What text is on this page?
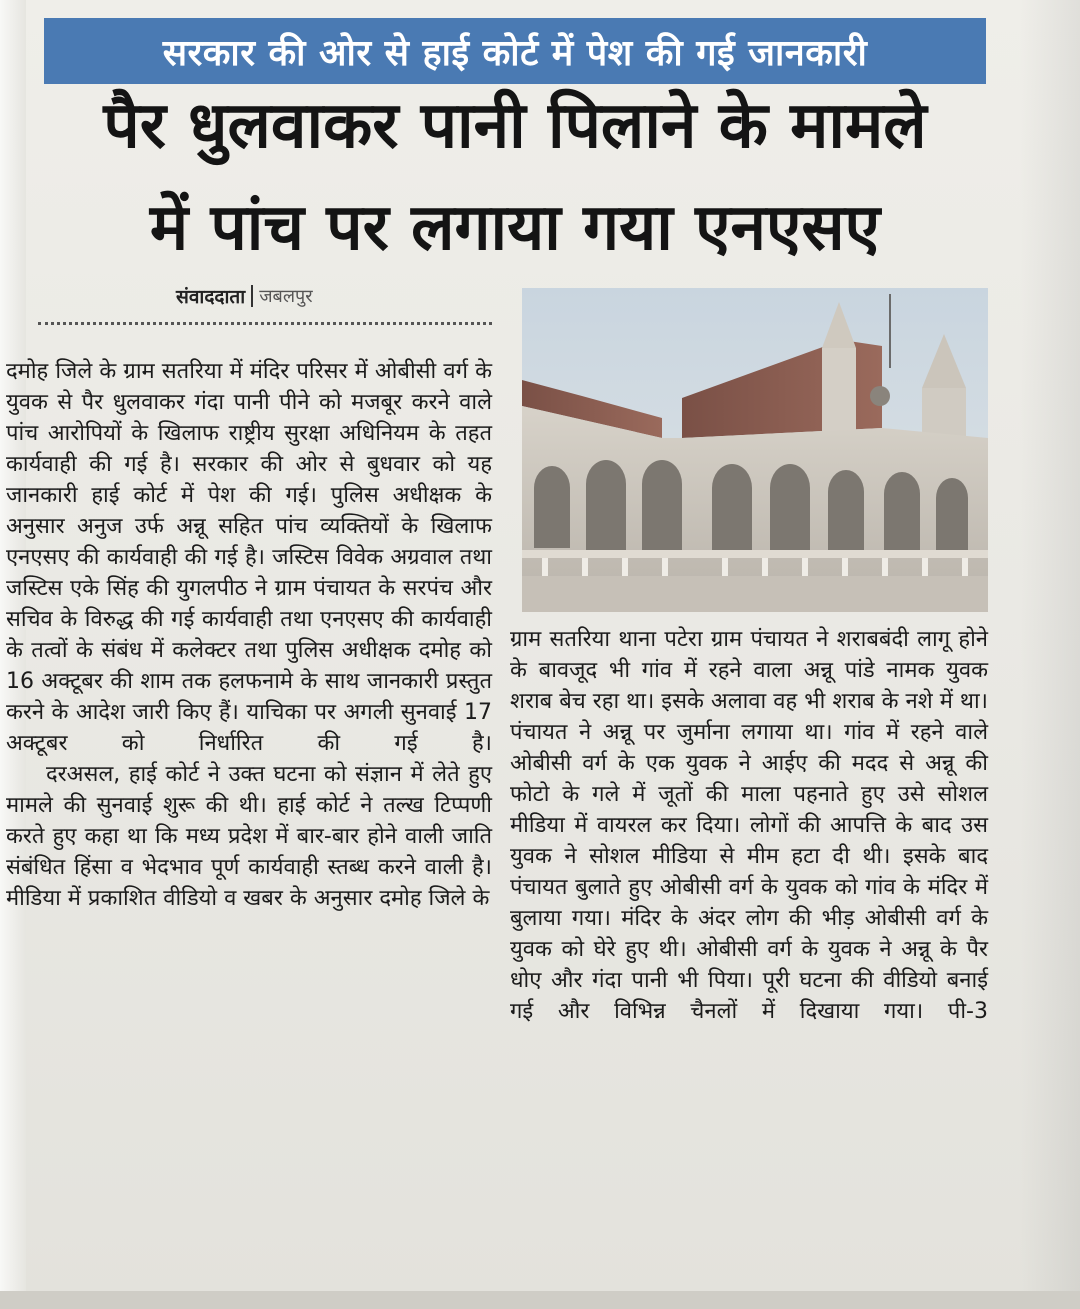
सरकार की ओर से हाई कोर्ट में पेश की गई जानकारी
पैर धुलवाकर पानी पिलाने के मामले
में पांच पर लगाया गया एनएसए
संवाददाता जबलपुर

दमोह जिले के ग्राम सतरिया में मंदिर परिसर में ओबीसी वर्ग के युवक से पैर धुलवाकर गंदा पानी पीने को मजबूर करने वाले पांच आरोपियों के खिलाफ राष्ट्रीय सुरक्षा अधिनियम के तहत कार्यवाही की गई है। सरकार की ओर से बुधवार को यह जानकारी हाई कोर्ट में पेश की गई। पुलिस अधीक्षक के अनुसार अनुज उर्फ अन्नू सहित पांच व्यक्तियों के खिलाफ एनएसए की कार्यवाही की गई है। जस्टिस विवेक अग्रवाल तथा जस्टिस एके सिंह की युगलपीठ ने ग्राम पंचायत के सरपंच और सचिव के विरुद्ध की गई कार्यवाही तथा एनएसए की कार्यवाही के तत्वों के संबंध में कलेक्टर तथा पुलिस अधीक्षक दमोह को 16 अक्टूबर की शाम तक हलफनामे के साथ जानकारी प्रस्तुत करने के आदेश जारी किए हैं। याचिका पर अगली सुनवाई 17 अक्टूबर को निर्धारित की गई है।

दरअसल, हाई कोर्ट ने उक्त घटना को संज्ञान में लेते हुए मामले की सुनवाई शुरू की थी। हाई कोर्ट ने तल्ख टिप्पणी करते हुए कहा था कि मध्य प्रदेश में बार-बार होने वाली जाति संबंधित हिंसा व भेदभाव पूर्ण कार्यवाही स्तब्ध करने वाली है। मीडिया में प्रकाशित वीडियो व खबर के अनुसार दमोह जिले के

ग्राम सतरिया थाना पटेरा ग्राम पंचायत ने शराबबंदी लागू होने के बावजूद भी गांव में रहने वाला अन्नू पांडे नामक युवक शराब बेच रहा था। इसके अलावा वह भी शराब के नशे में था। पंचायत ने अन्नू पर जुर्माना लगाया था। गांव में रहने वाले ओबीसी वर्ग के एक युवक ने आईए की मदद से अन्नू की फोटो के गले में जूतों की माला पहनाते हुए उसे सोशल मीडिया में वायरल कर दिया। लोगों की आपत्ति के बाद उस युवक ने सोशल मीडिया से मीम हटा दी थी। इसके बाद पंचायत बुलाते हुए ओबीसी वर्ग के युवक को गांव के मंदिर में बुलाया गया। मंदिर के अंदर लोग की भीड़ ओबीसी वर्ग के युवक को घेरे हुए थी। ओबीसी वर्ग के युवक ने अन्नू के पैर धोए और गंदा पानी भी पिया। पूरी घटना की वीडियो बनाई गई और विभिन्न चैनलों में दिखाया गया। पी-3
